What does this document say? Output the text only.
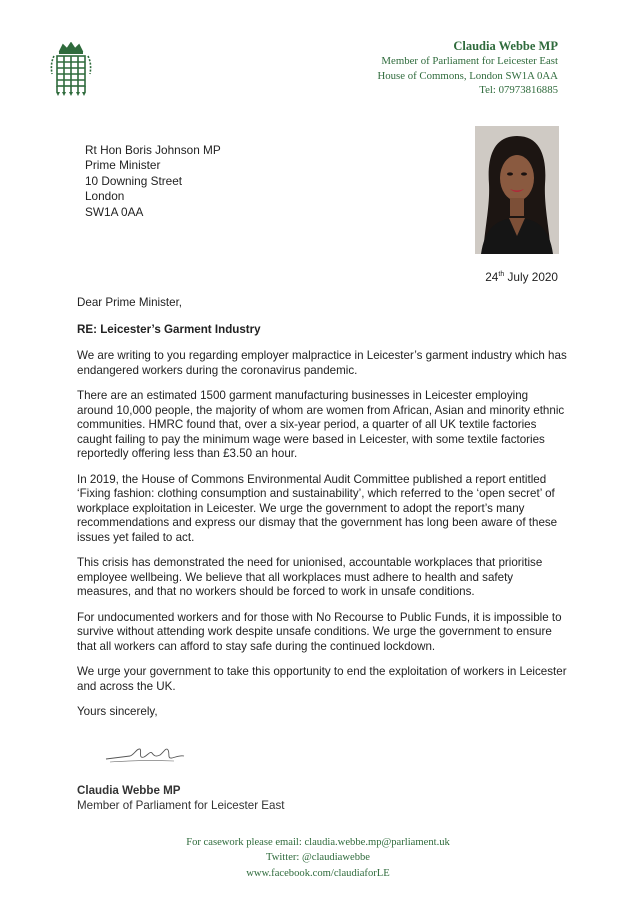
Claudia Webbe MP
Member of Parliament for Leicester East
House of Commons, London SW1A 0AA
Tel: 07973816885
Rt Hon Boris Johnson MP
Prime Minister
10 Downing Street
London
SW1A 0AA
24th July 2020

Dear Prime Minister,

RE: Leicester’s Garment Industry

We are writing to you regarding employer malpractice in Leicester’s garment industry which has endangered workers during the coronavirus pandemic.

There are an estimated 1500 garment manufacturing businesses in Leicester employing around 10,000 people, the majority of whom are women from African, Asian and minority ethnic communities. HMRC found that, over a six-year period, a quarter of all UK textile factories caught failing to pay the minimum wage were based in Leicester, with some textile factories reportedly offering less than £3.50 an hour.

In 2019, the House of Commons Environmental Audit Committee published a report entitled ‘Fixing fashion: clothing consumption and sustainability’, which referred to the ‘open secret’ of workplace exploitation in Leicester. We urge the government to adopt the report’s many recommendations and express our dismay that the government has long been aware of these issues yet failed to act.

This crisis has demonstrated the need for unionised, accountable workplaces that prioritise employee wellbeing. We believe that all workplaces must adhere to health and safety measures, and that no workers should be forced to work in unsafe conditions.

For undocumented workers and for those with No Recourse to Public Funds, it is impossible to survive without attending work despite unsafe conditions. We urge the government to ensure that all workers can afford to stay safe during the continued lockdown.

We urge your government to take this opportunity to end the exploitation of workers in Leicester and across the UK.

Yours sincerely,

Claudia Webbe MP
Member of Parliament for Leicester East
For casework please email: claudia.webbe.mp@parliament.uk
Twitter: @claudiawebbe
www.facebook.com/claudiaforLE
